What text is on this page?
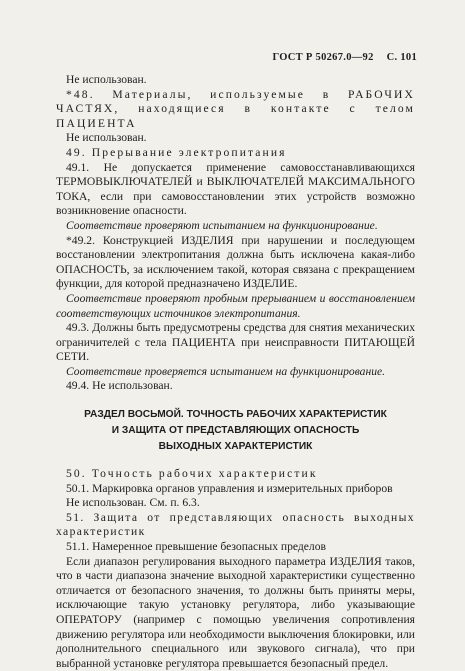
ГОСТ Р 50267.0—92 С. 101

Не использован.

*48. Материалы, используемые в РАБОЧИХ ЧАСТЯХ, находящиеся в контакте с телом ПАЦИЕНТА

Не использован.

49. Прерывание электропитания

49.1. Не допускается применение самовосстанавливающихся ТЕРМОВЫКЛЮЧАТЕЛЕЙ и ВЫКЛЮЧАТЕЛЕЙ МАКСИМАЛЬНОГО ТОКА, если при самовосстановлении этих устройств возможно возникновение опасности.

Соответствие проверяют испытанием на функционирование.

*49.2. Конструкцией ИЗДЕЛИЯ при нарушении и последующем восстановлении электропитания должна быть исключена какая-либо ОПАСНОСТЬ, за исключением такой, которая связана с прекращением функции, для которой предназначено ИЗДЕЛИЕ.

Соответствие проверяют пробным прерыванием и восстановлением соответствующих источников электропитания.

49.3. Должны быть предусмотрены средства для снятия механических ограничителей с тела ПАЦИЕНТА при неисправности ПИТАЮЩЕЙ СЕТИ.

Соответствие проверяется испытанием на функционирование.

49.4. Не использован.

РАЗДЕЛ ВОСЬМОЙ. ТОЧНОСТЬ РАБОЧИХ ХАРАКТЕРИСТИК
И ЗАЩИТА ОТ ПРЕДСТАВЛЯЮЩИХ ОПАСНОСТЬ
ВЫХОДНЫХ ХАРАКТЕРИСТИК

50. Точность рабочих характеристик

50.1. Маркировка органов управления и измерительных приборов

Не использован. См. п. 6.3.

51. Защита от представляющих опасность выходных характеристик

51.1. Намеренное превышение безопасных пределов

Если диапазон регулирования выходного параметра ИЗДЕЛИЯ таков, что в части диапазона значение выходной характеристики существенно отличается от безопасного значения, то должны быть приняты меры, исключающие такую установку регулятора, либо указывающие ОПЕРАТОРУ (например с помощью увеличения сопротивления движению регулятора или необходимости выключения блокировки, или дополнительного специального или звукового сигнала), что при выбранной установке регулятора превышается безопасный предел.
